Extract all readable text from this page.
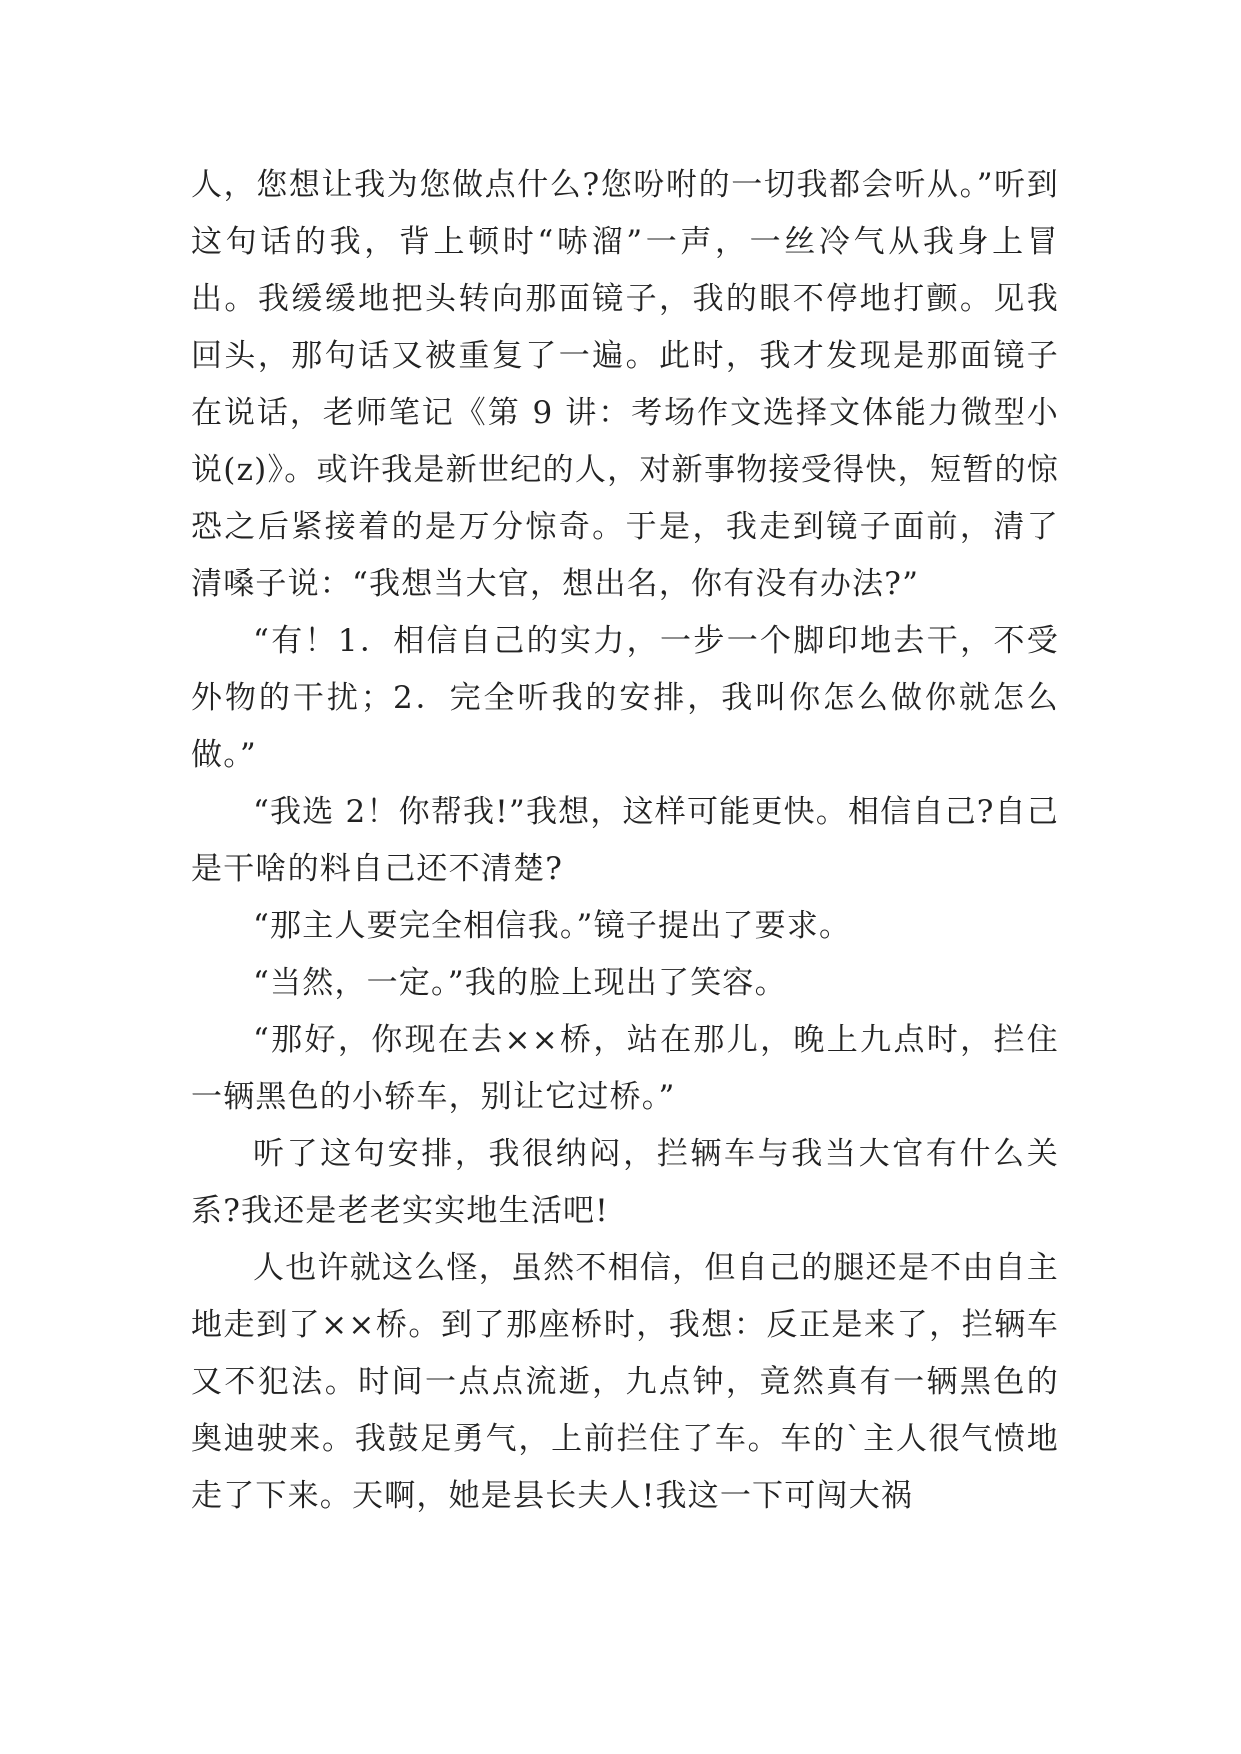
人，您想让我为您做点什么?您吩咐的一切我都会听从。”听到这句话的我，背上顿时“哧溜”一声，一丝冷气从我身上冒出。我缓缓地把头转向那面镜子，我的眼不停地打颤。见我回头，那句话又被重复了一遍。此时，我才发现是那面镜子在说话，老师笔记《第 9 讲：考场作文选择文体能力微型小说(z)》。或许我是新世纪的人，对新事物接受得快，短暂的惊恐之后紧接着的是万分惊奇。于是，我走到镜子面前，清了清嗓子说：“我想当大官，想出名，你有没有办法?”

“有！1．相信自己的实力，一步一个脚印地去干，不受外物的干扰；2．完全听我的安排，我叫你怎么做你就怎么做。”

“我选 2！你帮我!”我想，这样可能更快。相信自己?自己是干啥的料自己还不清楚?

“那主人要完全相信我。”镜子提出了要求。

“当然，一定。”我的脸上现出了笑容。

“那好，你现在去××桥，站在那儿，晚上九点时，拦住一辆黑色的小轿车，别让它过桥。”

听了这句安排，我很纳闷，拦辆车与我当大官有什么关系?我还是老老实实地生活吧!

人也许就这么怪，虽然不相信，但自己的腿还是不由自主地走到了××桥。到了那座桥时，我想：反正是来了，拦辆车又不犯法。时间一点点流逝，九点钟，竟然真有一辆黑色的奥迪驶来。我鼓足勇气，上前拦住了车。车的`主人很气愤地走了下来。天啊，她是县长夫人!我这一下可闯大祸
